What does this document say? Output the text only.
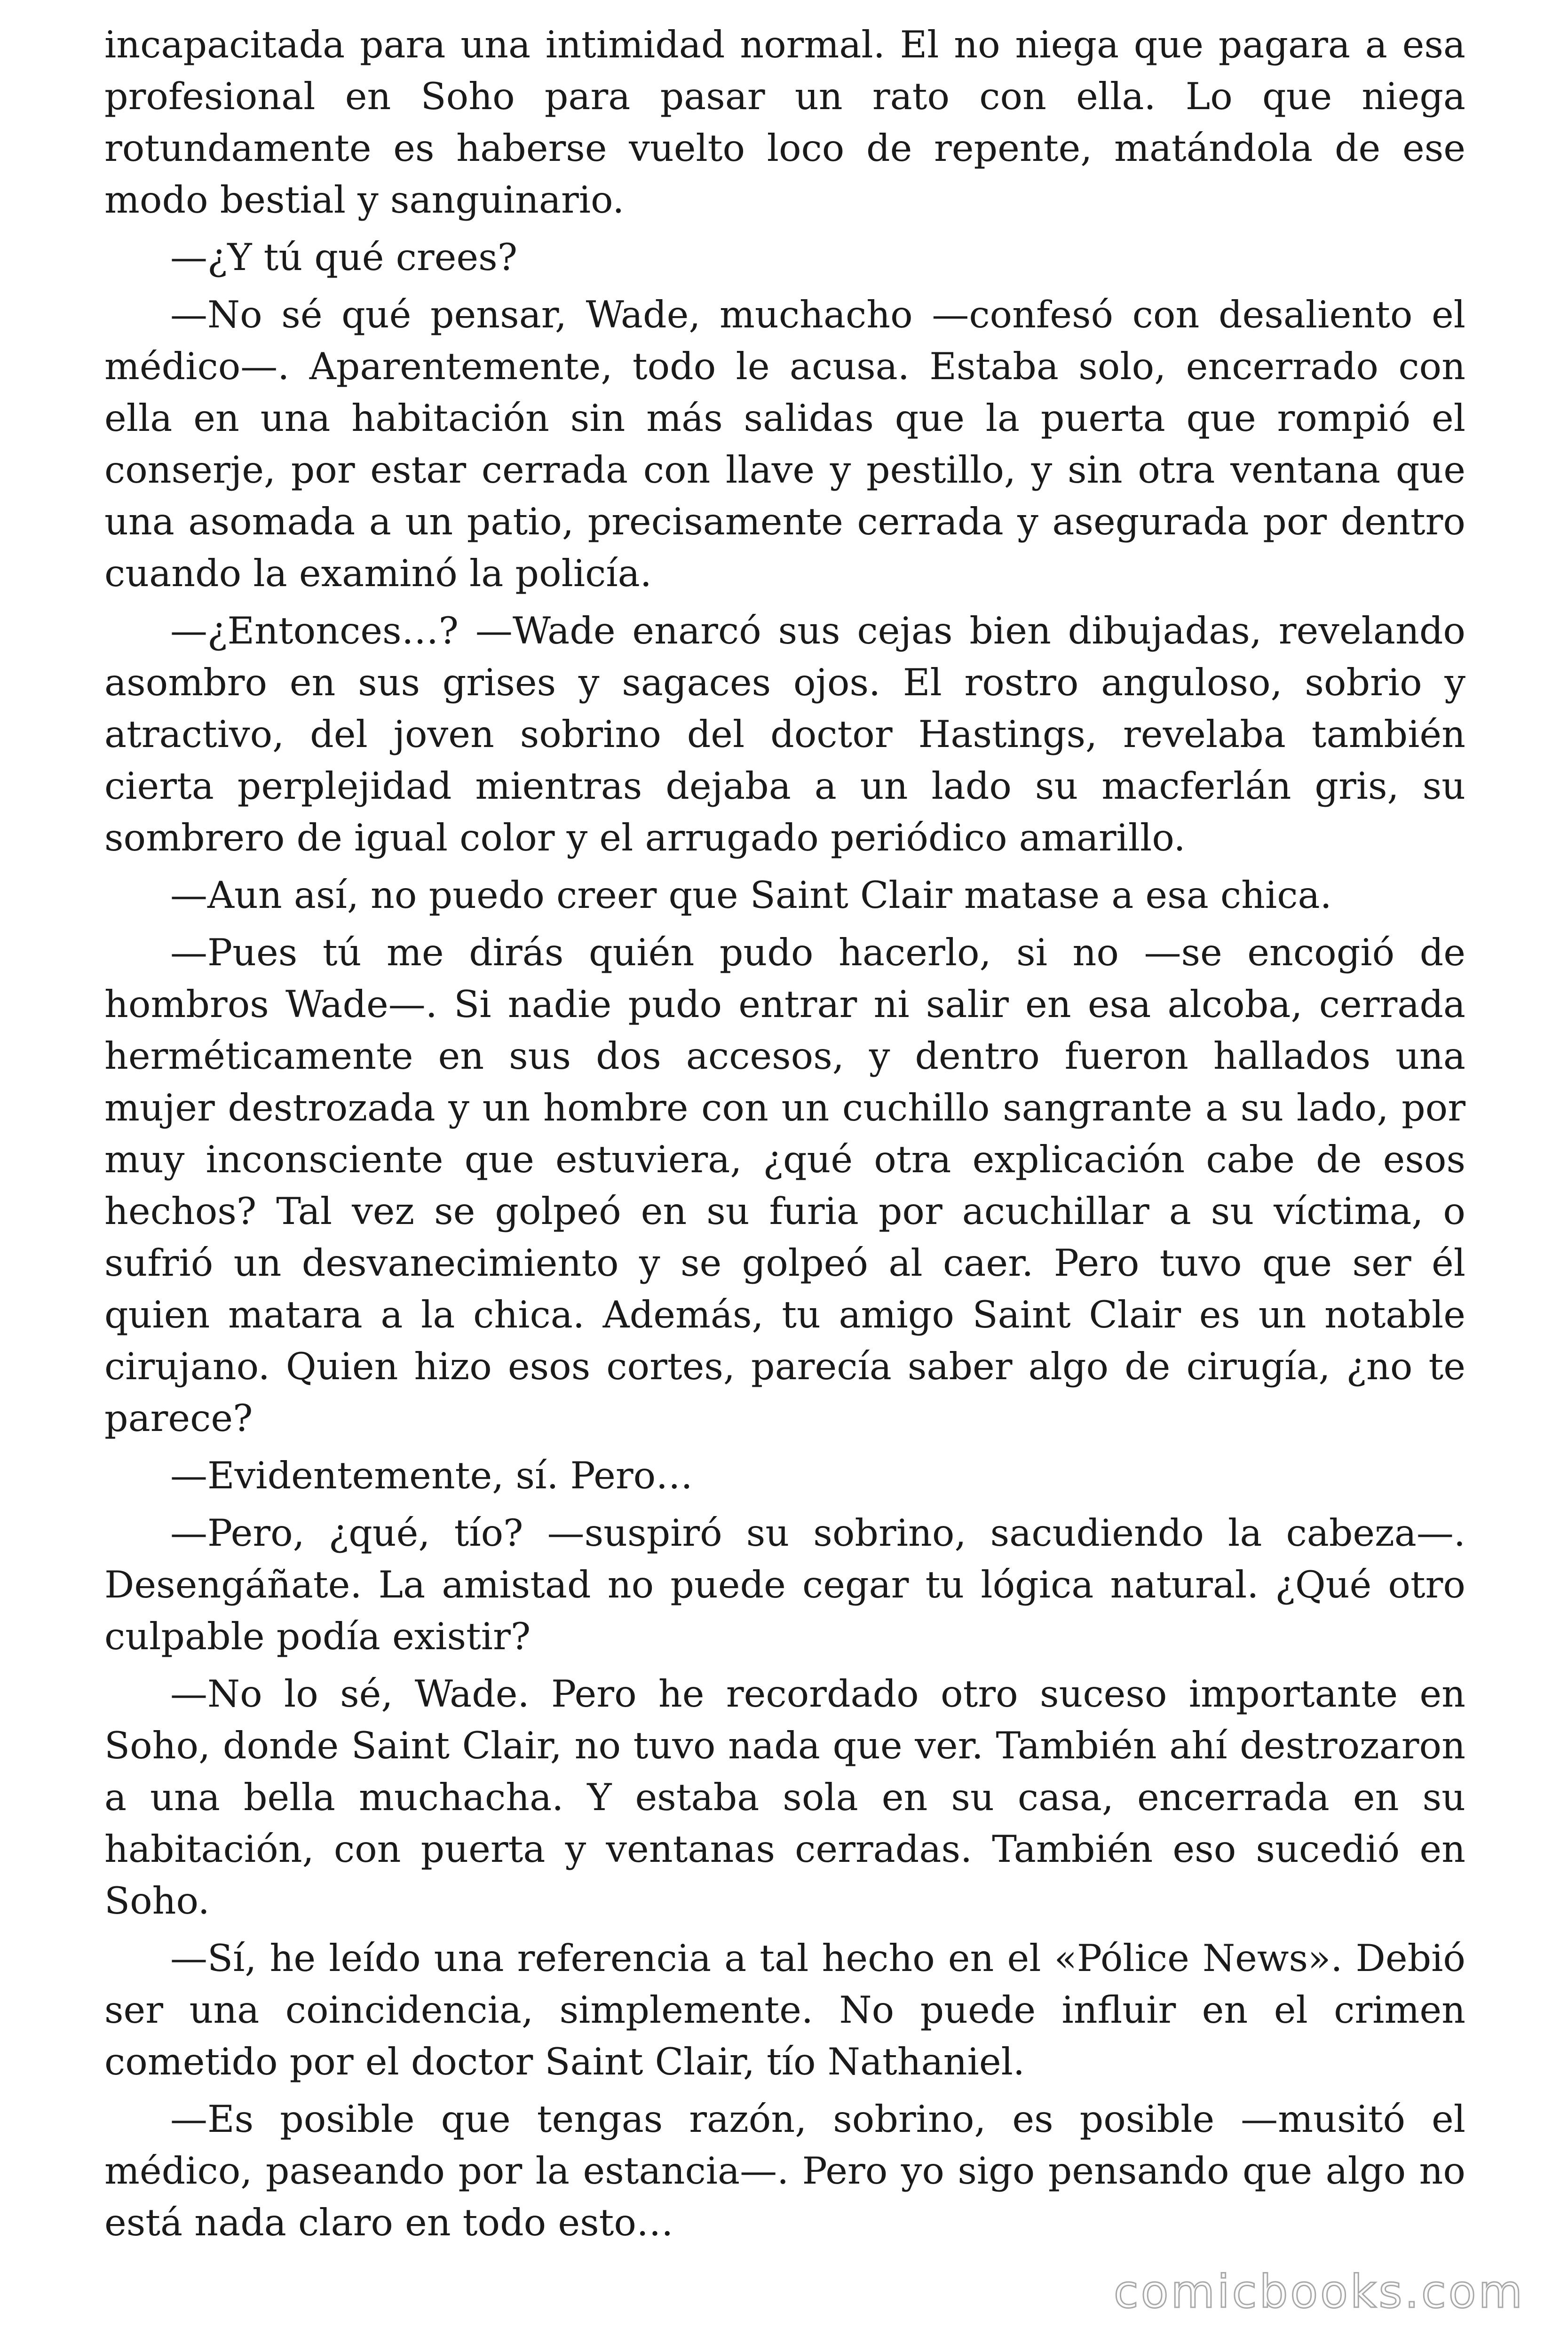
incapacitada para una intimidad normal. El no niega que pagara a esa profesional en Soho para pasar un rato con ella. Lo que niega rotundamente es haberse vuelto loco de repente, matándola de ese modo bestial y sanguinario.

—¿Y tú qué crees?

—No sé qué pensar, Wade, muchacho —confesó con desaliento el médico—. Aparentemente, todo le acusa. Estaba solo, encerrado con ella en una habitación sin más salidas que la puerta que rompió el conserje, por estar cerrada con llave y pestillo, y sin otra ventana que una asomada a un patio, precisamente cerrada y asegurada por dentro cuando la examinó la policía.

—¿Entonces…? —Wade enarcó sus cejas bien dibujadas, revelando asombro en sus grises y sagaces ojos. El rostro anguloso, sobrio y atractivo, del joven sobrino del doctor Hastings, revelaba también cierta perplejidad mientras dejaba a un lado su macferlán gris, su sombrero de igual color y el arrugado periódico amarillo.

—Aun así, no puedo creer que Saint Clair matase a esa chica.

—Pues tú me dirás quién pudo hacerlo, si no —se encogió de hombros Wade—. Si nadie pudo entrar ni salir en esa alcoba, cerrada herméticamente en sus dos accesos, y dentro fueron hallados una mujer destrozada y un hombre con un cuchillo sangrante a su lado, por muy inconsciente que estuviera, ¿qué otra explicación cabe de esos hechos? Tal vez se golpeó en su furia por acuchillar a su víctima, o sufrió un desvanecimiento y se golpeó al caer. Pero tuvo que ser él quien matara a la chica. Además, tu amigo Saint Clair es un notable cirujano. Quien hizo esos cortes, parecía saber algo de cirugía, ¿no te parece?

—Evidentemente, sí. Pero…

—Pero, ¿qué, tío? —suspiró su sobrino, sacudiendo la cabeza—. Desengáñate. La amistad no puede cegar tu lógica natural. ¿Qué otro culpable podía existir?

—No lo sé, Wade. Pero he recordado otro suceso importante en Soho, donde Saint Clair, no tuvo nada que ver. También ahí destrozaron a una bella muchacha. Y estaba sola en su casa, encerrada en su habitación, con puerta y ventanas cerradas. También eso sucedió en Soho.

—Sí, he leído una referencia a tal hecho en el «Pólice News». Debió ser una coincidencia, simplemente. No puede influir en el crimen cometido por el doctor Saint Clair, tío Nathaniel.

—Es posible que tengas razón, sobrino, es posible —musitó el médico, paseando por la estancia—. Pero yo sigo pensando que algo no está nada claro en todo esto…

comicbooks.com
